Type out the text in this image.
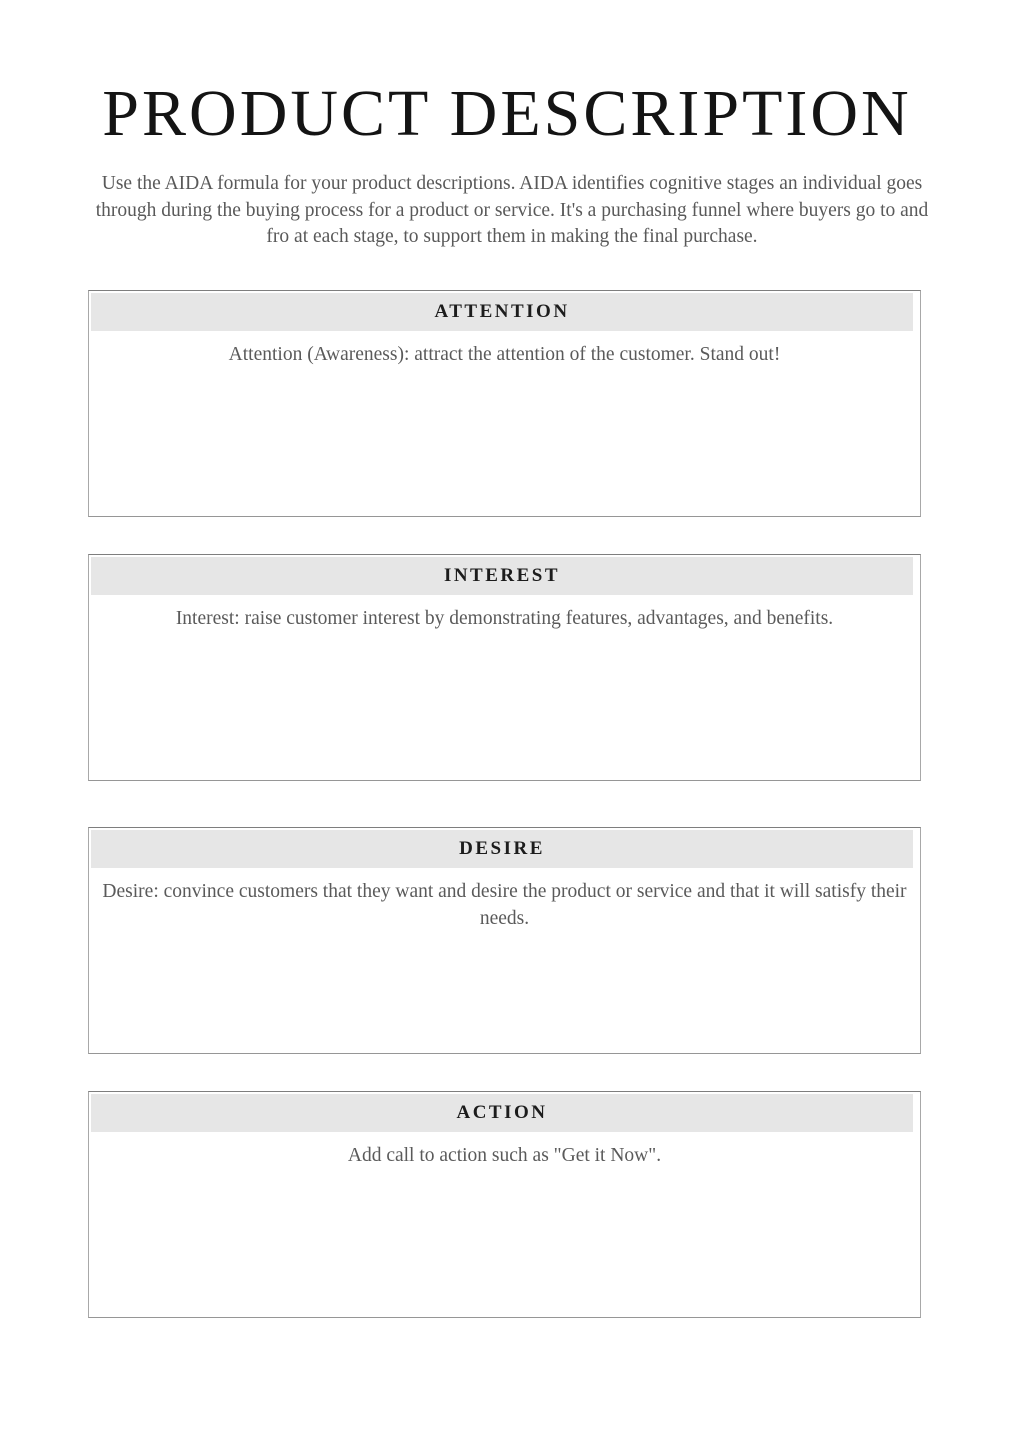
PRODUCT DESCRIPTION
Use the AIDA formula for your product descriptions. AIDA identifies cognitive stages an individual goes through during the buying process for a product or service. It's a purchasing funnel where buyers go to and fro at each stage, to support them in making the final purchase.
ATTENTION

Attention (Awareness): attract the attention of the customer. Stand out!

INTEREST

Interest: raise customer interest by demonstrating features, advantages, and benefits.

DESIRE

Desire: convince customers that they want and desire the product or service and that it will satisfy their needs.

ACTION

Add call to action such as "Get it Now".
